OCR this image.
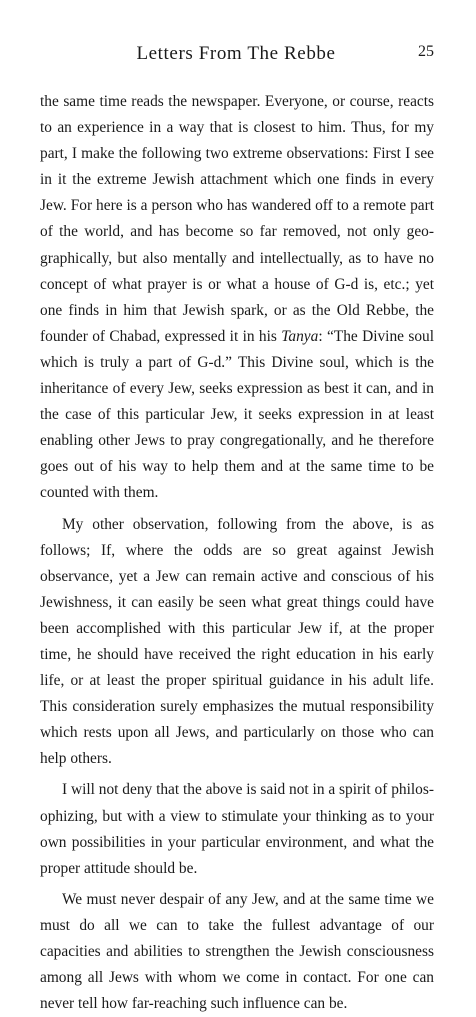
Letters From The Rebbe	25

the same time reads the newspaper. Everyone, or course, reacts to an experience in a way that is closest to him. Thus, for my part, I make the following two extreme observations: First I see in it the extreme Jewish attachment which one finds in every Jew. For here is a person who has wandered off to a remote part of the world, and has become so far removed, not only geographically, but also mentally and intellectually, as to have no concept of what prayer is or what a house of G-d is, etc.; yet one finds in him that Jewish spark, or as the Old Rebbe, the founder of Chabad, expressed it in his Tanya: “The Divine soul which is truly a part of G-d.” This Divine soul, which is the inheritance of every Jew, seeks expression as best it can, and in the case of this particular Jew, it seeks expression in at least enabling other Jews to pray congregationally, and he therefore goes out of his way to help them and at the same time to be counted with them.

My other observation, following from the above, is as follows; If, where the odds are so great against Jewish observance, yet a Jew can remain active and conscious of his Jewishness, it can easily be seen what great things could have been accomplished with this particular Jew if, at the proper time, he should have received the right education in his early life, or at least the proper spiritual guidance in his adult life. This consideration surely emphasizes the mutual responsibility which rests upon all Jews, and particularly on those who can help others.

I will not deny that the above is said not in a spirit of philosophizing, but with a view to stimulate your thinking as to your own possibilities in your particular environment, and what the proper attitude should be.

We must never despair of any Jew, and at the same time we must do all we can to take the fullest advantage of our capacities and abilities to strengthen the Jewish consciousness among all Jews with whom we come in contact. For one can never tell how far-reaching such influence can be.
